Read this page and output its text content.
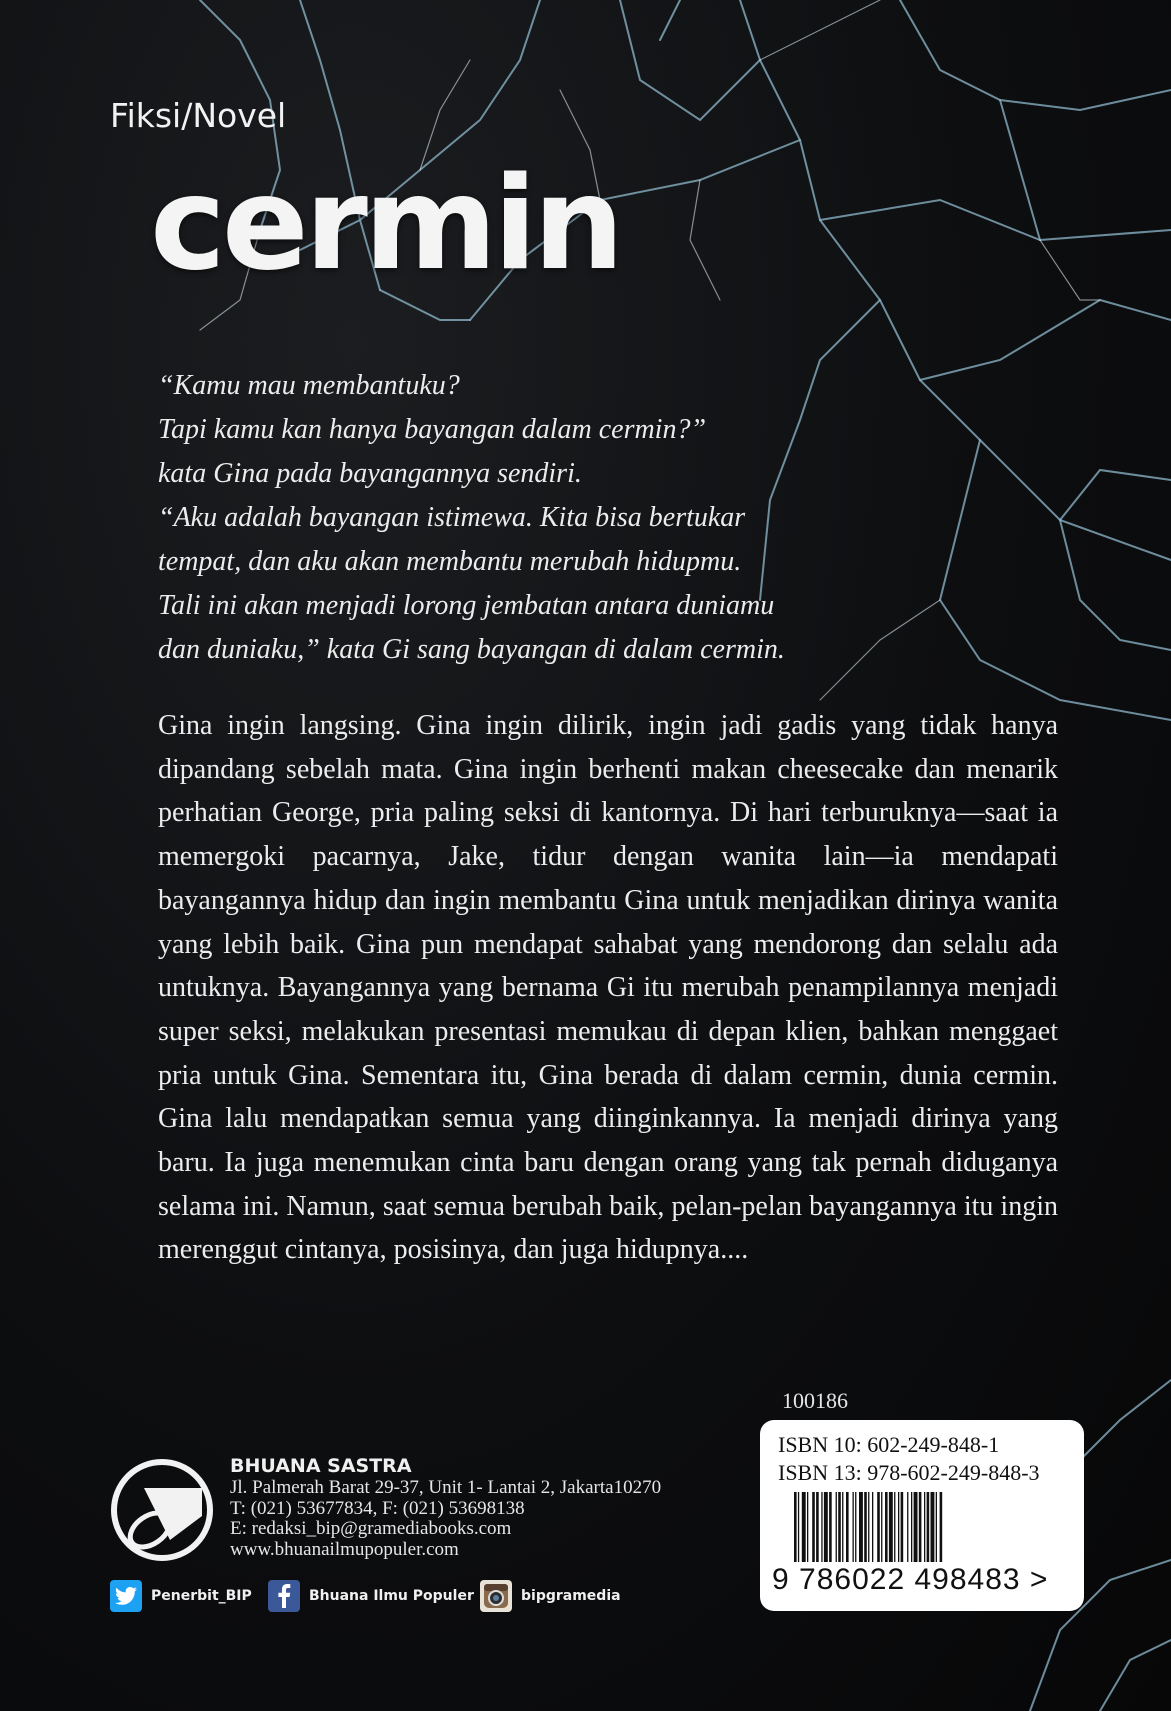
Fiksi/Novel
cermin
“Kamu mau membantuku?
Tapi kamu kan hanya bayangan dalam cermin?”
kata Gina pada bayangannya sendiri.
“Aku adalah bayangan istimewa. Kita bisa bertukar
tempat, dan aku akan membantu merubah hidupmu.
Tali ini akan menjadi lorong jembatan antara duniamu
dan duniaku,” kata Gi sang bayangan di dalam cermin.
Gina ingin langsing. Gina ingin dilirik, ingin jadi gadis yang tidak hanya dipandang sebelah mata. Gina ingin berhenti makan cheesecake dan menarik perhatian George, pria paling seksi di kantornya. Di hari terburuknya—saat ia memergoki pacarnya, Jake, tidur dengan wanita lain—ia mendapati bayangannya hidup dan ingin membantu Gina untuk menjadikan dirinya wanita yang lebih baik. Gina pun mendapat sahabat yang mendorong dan selalu ada untuknya. Bayangannya yang bernama Gi itu merubah penampilannya menjadi super seksi, melakukan presentasi memukau di depan klien, bahkan menggaet pria untuk Gina. Sementara itu, Gina berada di dalam cermin, dunia cermin. Gina lalu mendapatkan semua yang diinginkannya. Ia menjadi dirinya yang baru. Ia juga menemukan cinta baru dengan orang yang tak pernah diduganya selama ini. Namun, saat semua berubah baik, pelan-pelan bayangannya itu ingin merenggut cintanya, posisinya, dan juga hidupnya....
BHUANA SASTRA
Jl. Palmerah Barat 29-37, Unit 1- Lantai 2, Jakarta10270
T: (021) 53677834, F: (021) 53698138
E: redaksi_bip@gramediabooks.com
www.bhuanailmupopuler.com
Penerbit_BIP	Bhuana Ilmu Populer	bipgramedia
100186
ISBN 10: 602-249-848-1
ISBN 13: 978-602-249-848-3
9 786022 498483 >
